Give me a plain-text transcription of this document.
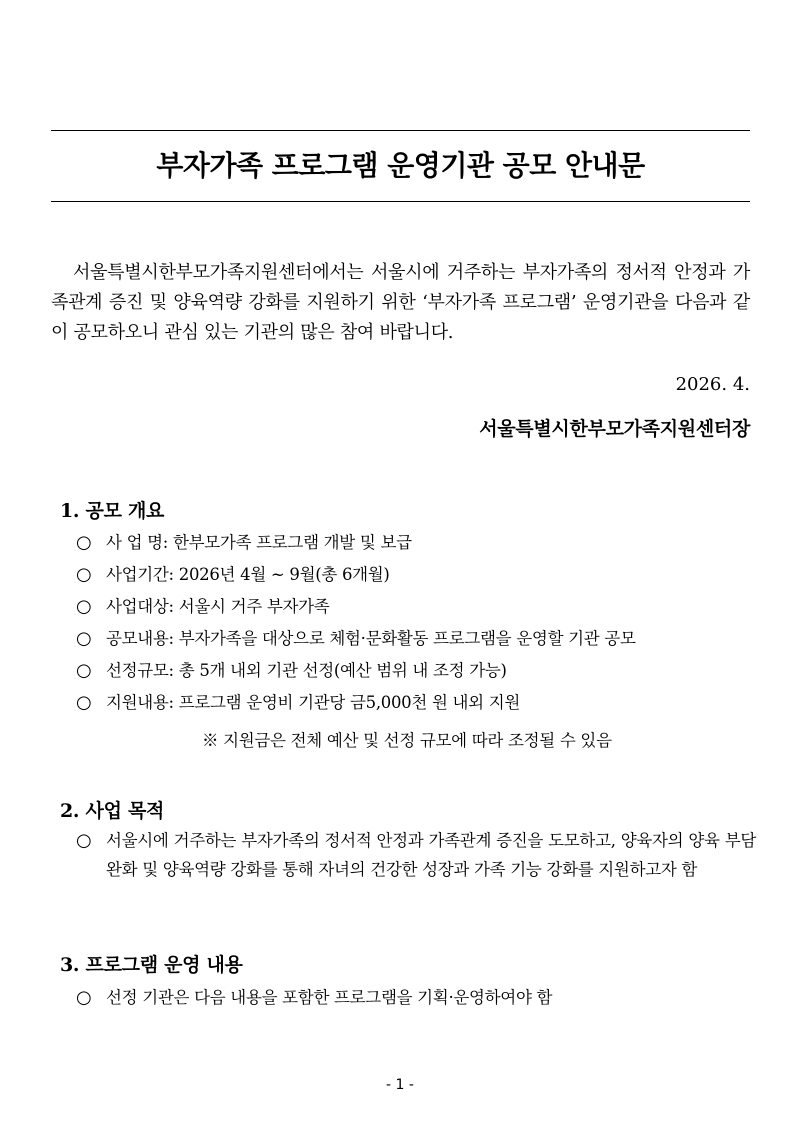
부자가족 프로그램 운영기관 공모 안내문
서울특별시한부모가족지원센터에서는 서울시에 거주하는 부자가족의 정서적 안정과 가족관계 증진 및 양육역량 강화를 지원하기 위한 ‘부자가족 프로그램’ 운영기관을 다음과 같이 공모하오니 관심 있는 기관의 많은 참여 바랍니다.
2026. 4.
서울특별시한부모가족지원센터장
1. 공모 개요
○ 사 업 명: 한부모가족 프로그램 개발 및 보급
○ 사업기간: 2026년 4월 ~ 9월(총 6개월)
○ 사업대상: 서울시 거주 부자가족
○ 공모내용: 부자가족을 대상으로 체험·문화활동 프로그램을 운영할 기관 공모
○ 선정규모: 총 5개 내외 기관 선정(예산 범위 내 조정 가능)
○ 지원내용: 프로그램 운영비 기관당 금5,000천 원 내외 지원
※ 지원금은 전체 예산 및 선정 규모에 따라 조정될 수 있음
2. 사업 목적
○ 서울시에 거주하는 부자가족의 정서적 안정과 가족관계 증진을 도모하고, 양육자의 양육 부담 완화 및 양육역량 강화를 통해 자녀의 건강한 성장과 가족 기능 강화를 지원하고자 함
3. 프로그램 운영 내용
○ 선정 기관은 다음 내용을 포함한 프로그램을 기획·운영하여야 함
- 1 -
